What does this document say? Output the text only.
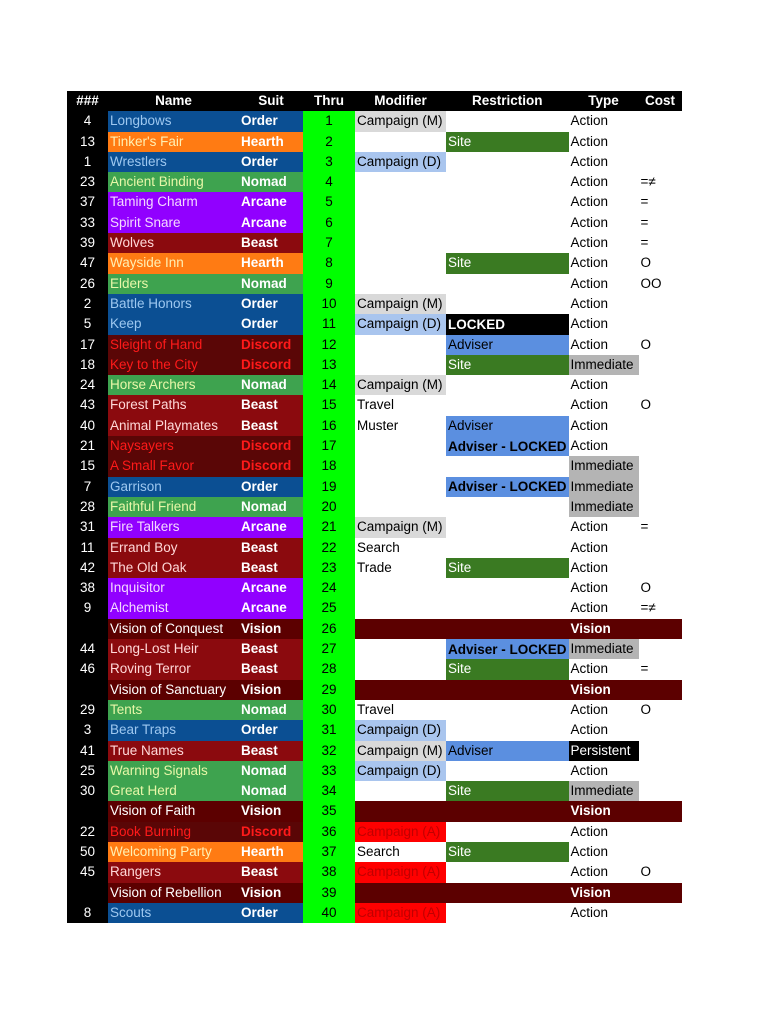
###	Name	Suit	Thru	Modifier	Restriction	Type	Cost
4	Longbows	Order	1	Campaign (M)		Action	
13	Tinker's Fair	Hearth	2		Site	Action	
1	Wrestlers	Order	3	Campaign (D)		Action	
23	Ancient Binding	Nomad	4			Action	=≠
37	Taming Charm	Arcane	5			Action	=
33	Spirit Snare	Arcane	6			Action	=
39	Wolves	Beast	7			Action	=
47	Wayside Inn	Hearth	8		Site	Action	O
26	Elders	Nomad	9			Action	OO
2	Battle Honors	Order	10	Campaign (M)		Action	
5	Keep	Order	11	Campaign (D)	LOCKED	Action	
17	Sleight of Hand	Discord	12		Adviser	Action	O
18	Key to the City	Discord	13		Site	Immediate	
24	Horse Archers	Nomad	14	Campaign (M)		Action	
43	Forest Paths	Beast	15	Travel		Action	O
40	Animal Playmates	Beast	16	Muster	Adviser	Action	
21	Naysayers	Discord	17		Adviser - LOCKED	Action	
15	A Small Favor	Discord	18			Immediate	
7	Garrison	Order	19		Adviser - LOCKED	Immediate	
28	Faithful Friend	Nomad	20			Immediate	
31	Fire Talkers	Arcane	21	Campaign (M)		Action	=
11	Errand Boy	Beast	22	Search		Action	
42	The Old Oak	Beast	23	Trade	Site	Action	
38	Inquisitor	Arcane	24			Action	O
9	Alchemist	Arcane	25			Action	=≠
	Vision of Conquest	Vision	26			Vision	
44	Long-Lost Heir	Beast	27		Adviser - LOCKED	Immediate	
46	Roving Terror	Beast	28		Site	Action	=
	Vision of Sanctuary	Vision	29			Vision	
29	Tents	Nomad	30	Travel		Action	O
3	Bear Traps	Order	31	Campaign (D)		Action	
41	True Names	Beast	32	Campaign (M)	Adviser	Persistent	
25	Warning Signals	Nomad	33	Campaign (D)		Action	
30	Great Herd	Nomad	34		Site	Immediate	
	Vision of Faith	Vision	35			Vision	
22	Book Burning	Discord	36	Campaign (A)		Action	
50	Welcoming Party	Hearth	37	Search	Site	Action	
45	Rangers	Beast	38	Campaign (A)		Action	O
	Vision of Rebellion	Vision	39			Vision	
8	Scouts	Order	40	Campaign (A)		Action	
